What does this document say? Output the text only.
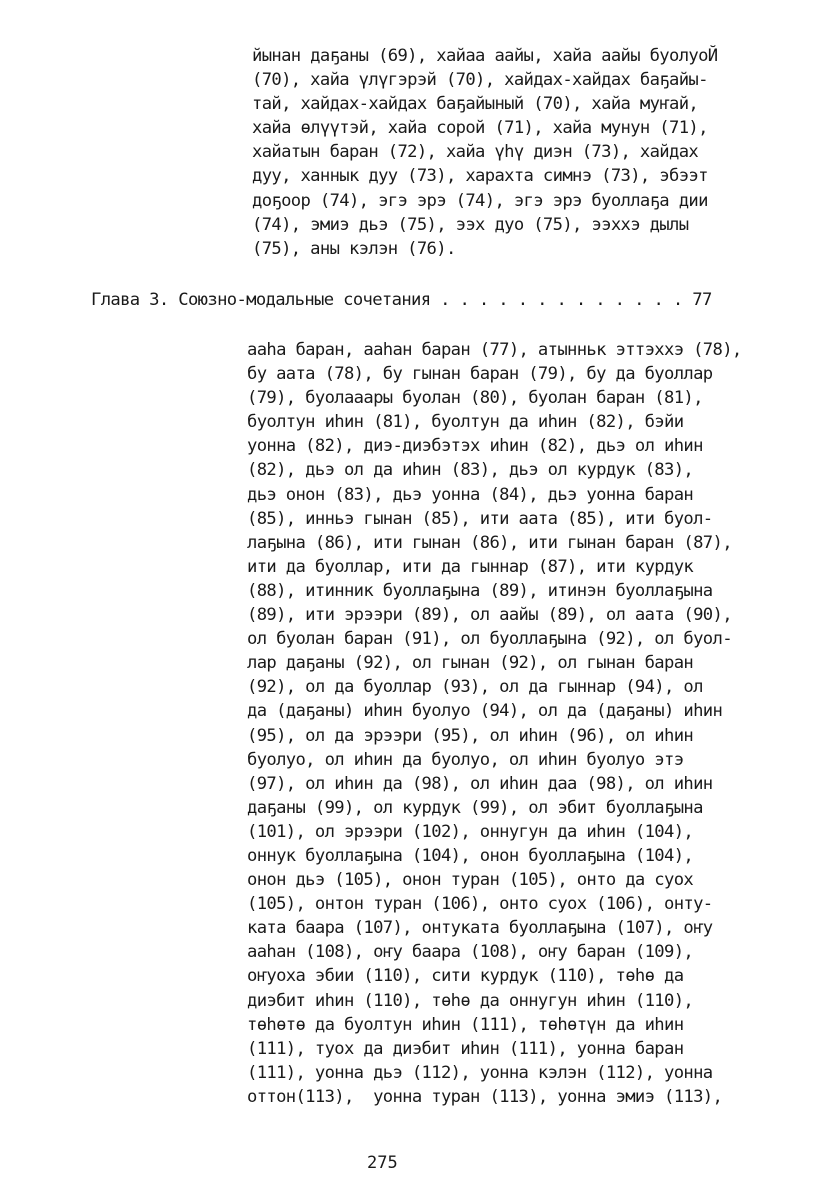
йынан даҕаны (69), хайаа аайы, хайа аайы буолуоЙ
(70), хайа үлүгэрэй (70), хайдах-хайдах баҕайы-
тай, хайдах-хайдах баҕайыный (70), хайа муҥай,
хайа өлүүтэй, хайа сорой (71), хайа мунун (71),
хайатын баран (72), хайа үhү диэн (73), хайдах
дуу, ханнык дуу (73), харахта симнэ (73), эбээт
доҕоор (74), эгэ эрэ (74), эгэ эрэ буоллаҕа дии
(74), эмиэ дьэ (75), ээх дуо (75), ээххэ дылы
(75), аны кэлэн (76).
Глава 3. Союзно-модальные сочетания . . . . . . . . . . . . . 77
ааhа баран, ааhан баран (77), атынньк эттэххэ (78),
бу аата (78), бу гынан баран (79), бу да буоллар
(79), буолааары буолан (80), буолан баран (81),
буолтун иhин (81), буолтун да иhин (82), бэйи
уонна (82), диэ-диэбэтэх иhин (82), дьэ ол иhин
(82), дьэ ол да иhин (83), дьэ ол курдук (83),
дьэ онон (83), дьэ уонна (84), дьэ уонна баран
(85), инньэ гынан (85), ити аата (85), ити буол-
лаҕына (86), ити гынан (86), ити гынан баран (87),
ити да буоллар, ити да гыннар (87), ити курдук
(88), итинник буоллаҕына (89), итинэн буоллаҕына
(89), ити эрээри (89), ол аайы (89), ол аата (90),
ол буолан баран (91), ол буоллаҕына (92), ол буол-
лар даҕаны (92), ол гынан (92), ол гынан баран
(92), ол да буоллар (93), ол да гыннар (94), ол
да (даҕаны) иhин буолуо (94), ол да (даҕаны) иhин
(95), ол да эрээри (95), ол иhин (96), ол иhин
буолуо, ол иhин да буолуо, ол иhин буолуо этэ
(97), ол иhин да (98), ол иhин даа (98), ол иhин
даҕаны (99), ол курдук (99), ол эбит буоллаҕына
(101), ол эрээри (102), оннугун да иhин (104),
оннук буоллаҕына (104), онон буоллаҕына (104),
онон дьэ (105), онон туран (105), онто да суох
(105), онтон туран (106), онто суох (106), онту-
ката баара (107), онтуката буоллаҕына (107), оҥу
ааhан (108), оҥу баара (108), оҥу баран (109),
оҥуоха эбии (110), сити курдук (110), төhө да
диэбит иhин (110), төhө да оннугун иhин (110),
төhөтө да буолтун иhин (111), төhөтүн да иhин
(111), туох да диэбит иhин (111), уонна баран
(111), уонна дьэ (112), уонна кэлэн (112), уонна
оттон(113),  уонна туран (113), уонна эмиэ (113),
275
